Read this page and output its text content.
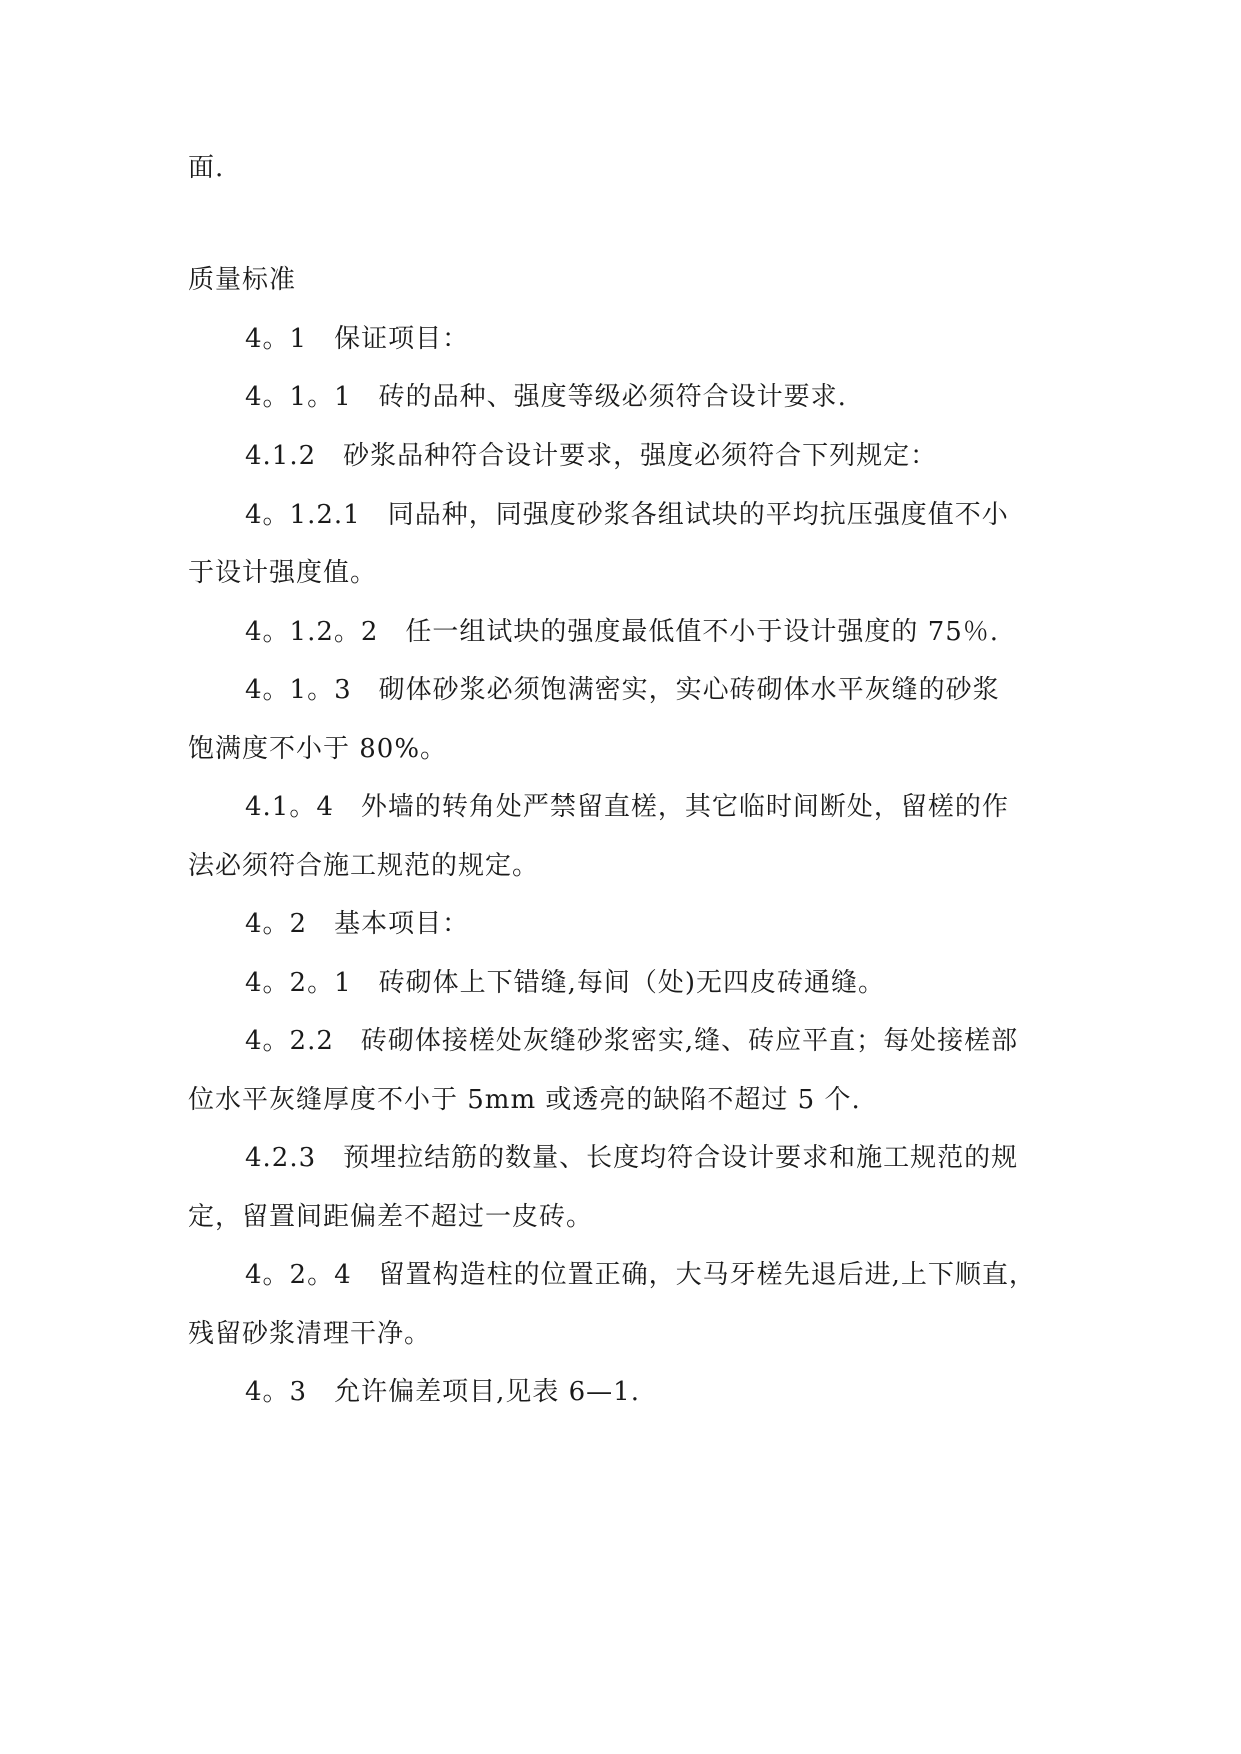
面.
质量标准
4。1　保证项目：
4。1。1　砖的品种、强度等级必须符合设计要求.
4.1.2　砂浆品种符合设计要求，强度必须符合下列规定：
4。1.2.1　同品种，同强度砂浆各组试块的平均抗压强度值不小
于设计强度值。
4。1.2。2　任一组试块的强度最低值不小于设计强度的 75％.
4。1。3　砌体砂浆必须饱满密实，实心砖砌体水平灰缝的砂浆
饱满度不小于 80%。
4.1。4　外墙的转角处严禁留直槎，其它临时间断处，留槎的作
法必须符合施工规范的规定。
4。2　基本项目：
4。2。1　砖砌体上下错缝,每间（处)无四皮砖通缝。
4。2.2　砖砌体接槎处灰缝砂浆密实,缝、砖应平直；每处接槎部
位水平灰缝厚度不小于 5mm 或透亮的缺陷不超过 5 个.
4.2.3　预埋拉结筋的数量、长度均符合设计要求和施工规范的规
定，留置间距偏差不超过一皮砖。
4。2。4　留置构造柱的位置正确，大马牙槎先退后进,上下顺直，
残留砂浆清理干净。
4。3　允许偏差项目,见表 6—1.
